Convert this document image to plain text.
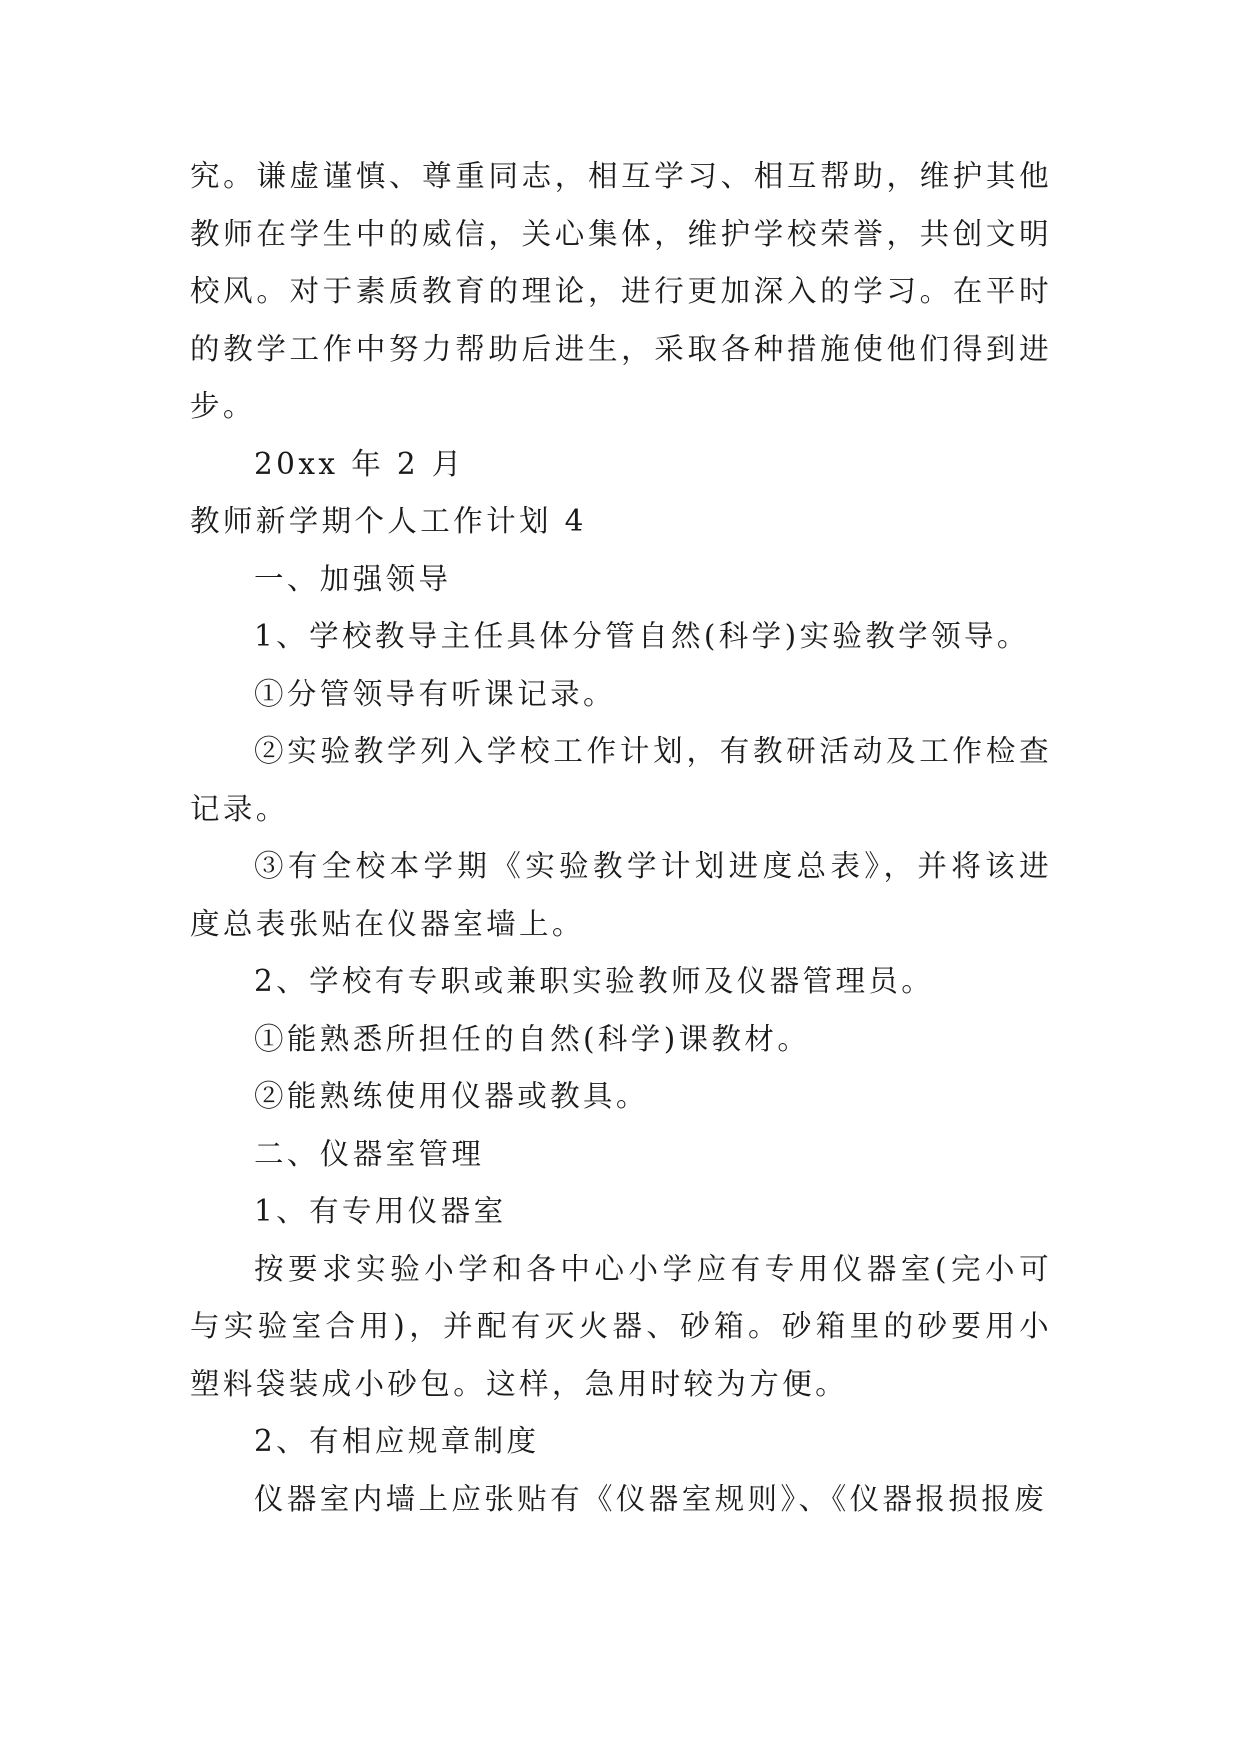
究。谦虚谨慎、尊重同志，相互学习、相互帮助，维护其他教师在学生中的威信，关心集体，维护学校荣誉，共创文明校风。对于素质教育的理论，进行更加深入的学习。在平时的教学工作中努力帮助后进生，采取各种措施使他们得到进步。

20xx 年 2 月

教师新学期个人工作计划 4

一、加强领导

1、学校教导主任具体分管自然(科学)实验教学领导。

①分管领导有听课记录。

②实验教学列入学校工作计划，有教研活动及工作检查记录。

③有全校本学期《实验教学计划进度总表》，并将该进度总表张贴在仪器室墙上。

2、学校有专职或兼职实验教师及仪器管理员。

①能熟悉所担任的自然(科学)课教材。

②能熟练使用仪器或教具。

二、仪器室管理

1、有专用仪器室

按要求实验小学和各中心小学应有专用仪器室(完小可与实验室合用)，并配有灭火器、砂箱。砂箱里的砂要用小塑料袋装成小砂包。这样，急用时较为方便。

2、有相应规章制度

仪器室内墙上应张贴有《仪器室规则》、《仪器报损报废
